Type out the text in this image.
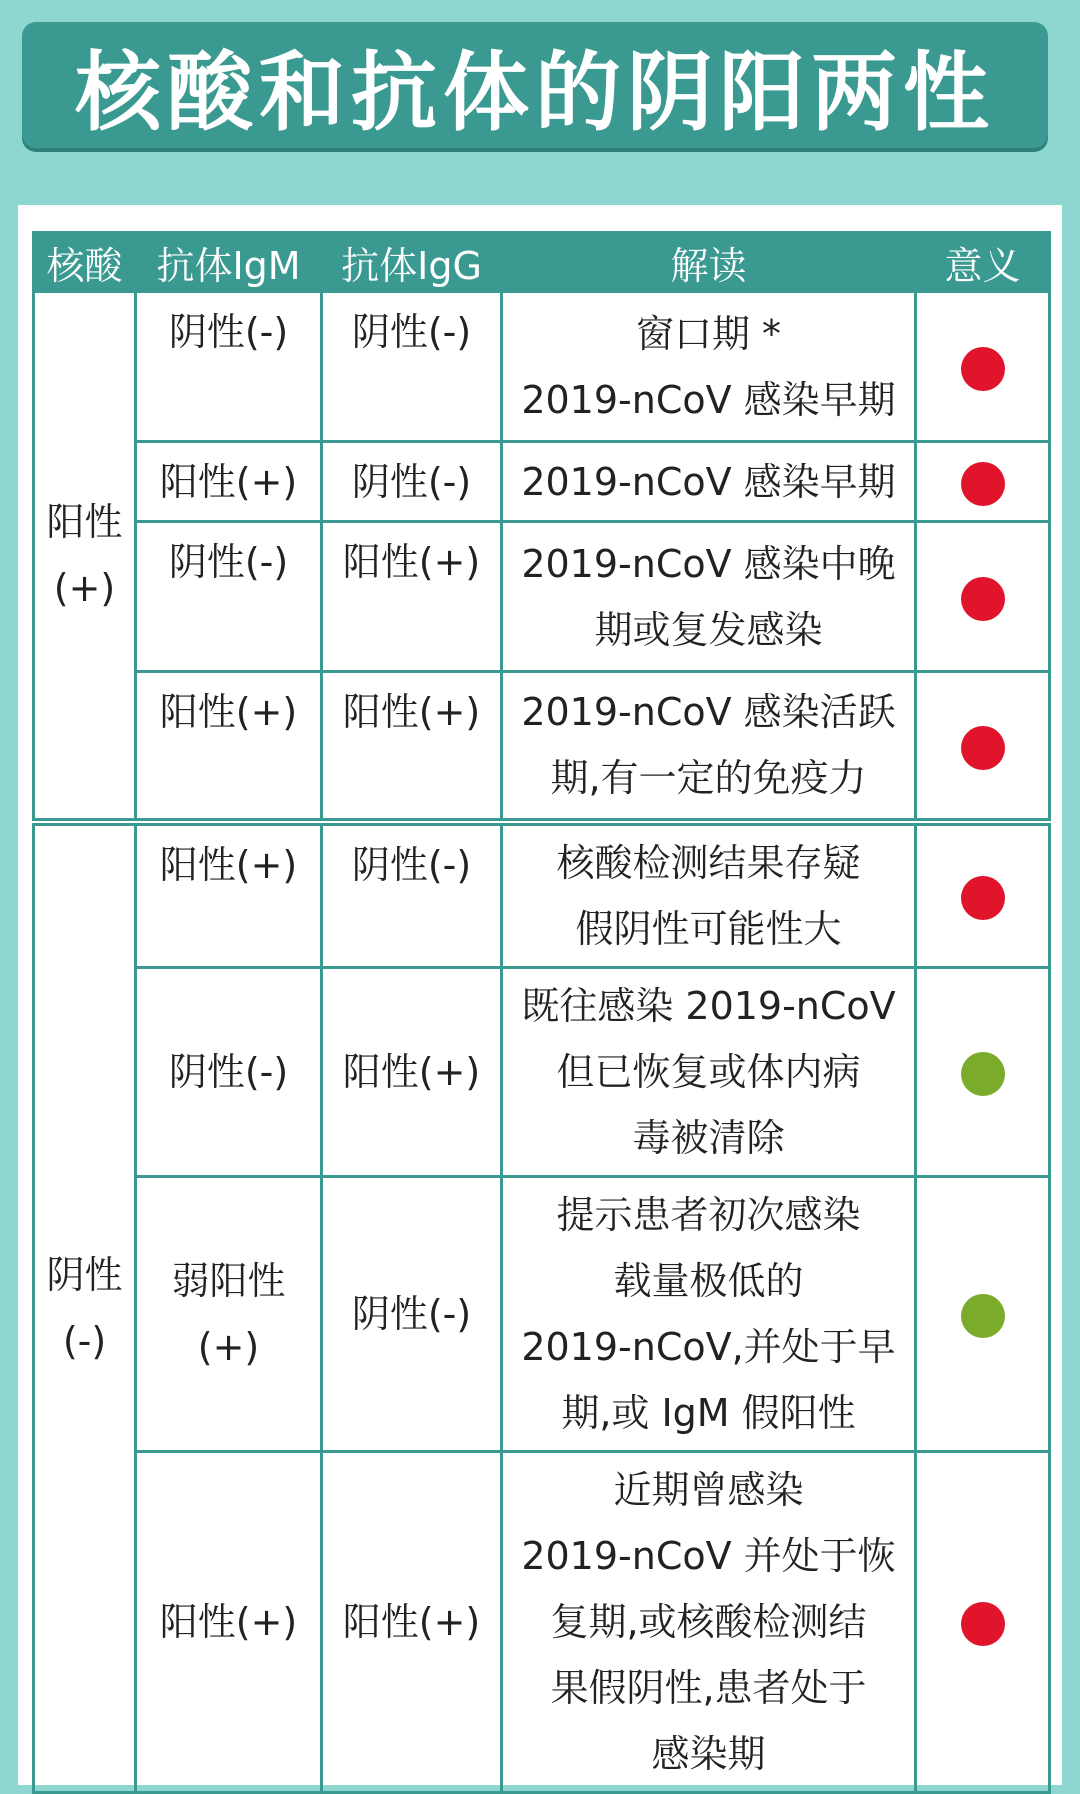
核酸和抗体的阴阳两性
核酸	抗体IgM	抗体IgG	解读	意义

阳性
(+)	阴性(-)	阴性(-)	窗口期 *
2019-nCoV 感染早期	

	阳性(+)	阴性(-)	2019-nCoV 感染早期	

	阴性(-)	阳性(+)	2019-nCoV 感染中晚
期或复发感染	

	阳性(+)	阳性(+)	2019-nCoV 感染活跃
期,有一定的免疫力	

阴性
(-)	阳性(+)	阴性(-)	核酸检测结果存疑
假阴性可能性大	

	阴性(-)	阳性(+)	既往感染 2019-nCoV
但已恢复或体内病
毒被清除	

	弱阳性
(+)	阴性(-)	提示患者初次感染
载量极低的
2019-nCoV,并处于早
期,或 IgM 假阳性	

	阳性(+)	阳性(+)	近期曾感染
2019-nCoV 并处于恢
复期,或核酸检测结
果假阴性,患者处于
感染期	
